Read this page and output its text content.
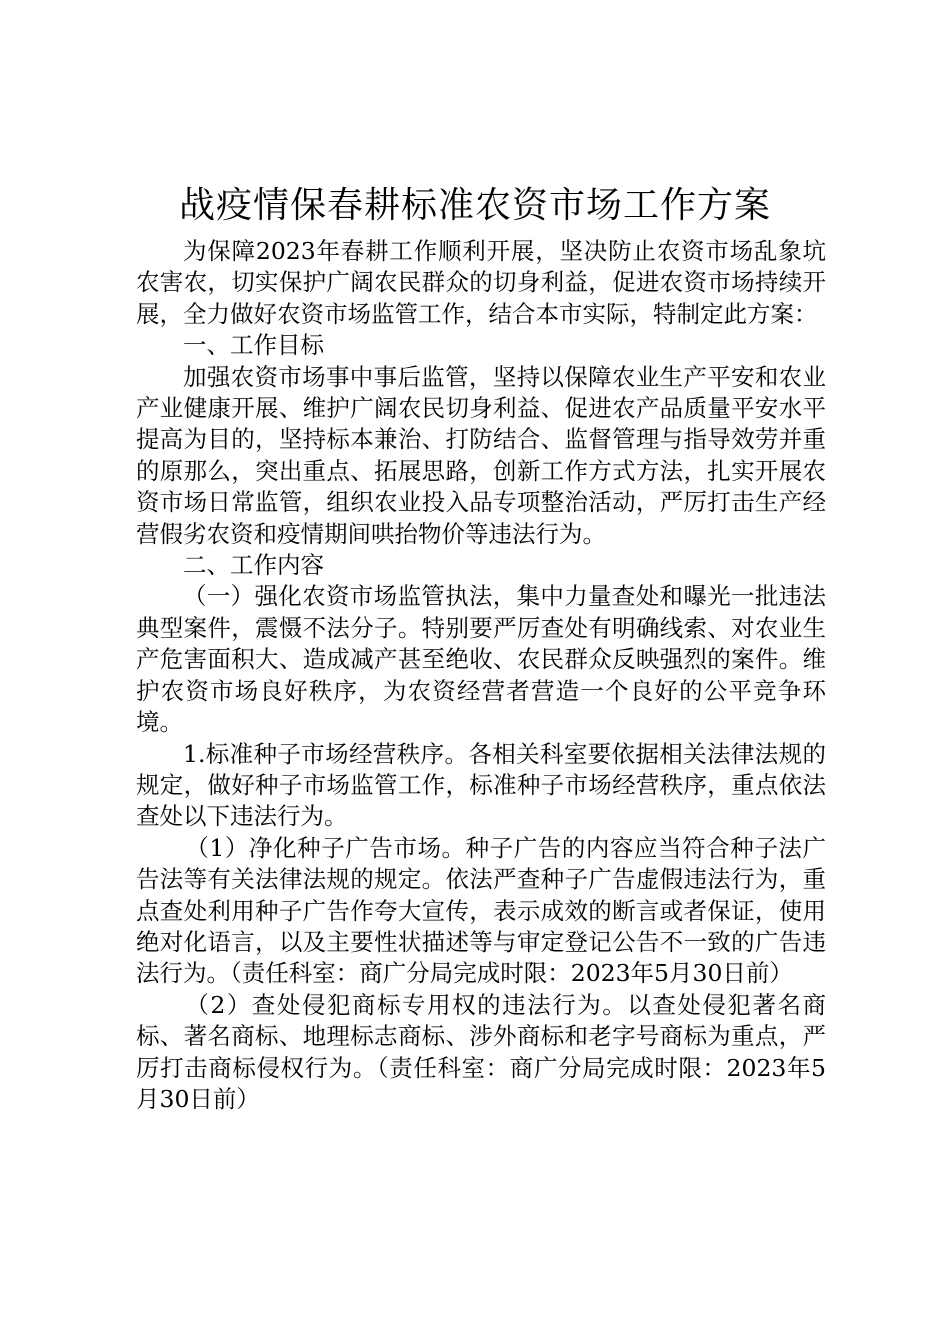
战疫情保春耕标准农资市场工作方案

为保障2023年春耕工作顺利开展，坚决防止农资市场乱象坑农害农，切实保护广阔农民群众的切身利益，促进农资市场持续开展，全力做好农资市场监管工作，结合本市实际，特制定此方案：

一、工作目标

加强农资市场事中事后监管，坚持以保障农业生产平安和农业产业健康开展、维护广阔农民切身利益、促进农产品质量平安水平提高为目的，坚持标本兼治、打防结合、监督管理与指导效劳并重的原那么，突出重点、拓展思路，创新工作方式方法，扎实开展农资市场日常监管，组织农业投入品专项整治活动，严厉打击生产经营假劣农资和疫情期间哄抬物价等违法行为。

二、工作内容

（一）强化农资市场监管执法，集中力量查处和曝光一批违法典型案件，震慑不法分子。特别要严厉查处有明确线索、对农业生产危害面积大、造成减产甚至绝收、农民群众反映强烈的案件。维护农资市场良好秩序，为农资经营者营造一个良好的公平竞争环境。

1.标准种子市场经营秩序。各相关科室要依据相关法律法规的规定，做好种子市场监管工作，标准种子市场经营秩序，重点依法查处以下违法行为。

（1）净化种子广告市场。种子广告的内容应当符合种子法广告法等有关法律法规的规定。依法严查种子广告虚假违法行为，重点查处利用种子广告作夸大宣传，表示成效的断言或者保证，使用绝对化语言，以及主要性状描述等与审定登记公告不一致的广告违法行为。（责任科室：商广分局完成时限：2023年5月30日前）

（2）查处侵犯商标专用权的违法行为。以查处侵犯著名商标、著名商标、地理标志商标、涉外商标和老字号商标为重点，严厉打击商标侵权行为。（责任科室：商广分局完成时限：2023年5月30日前）
